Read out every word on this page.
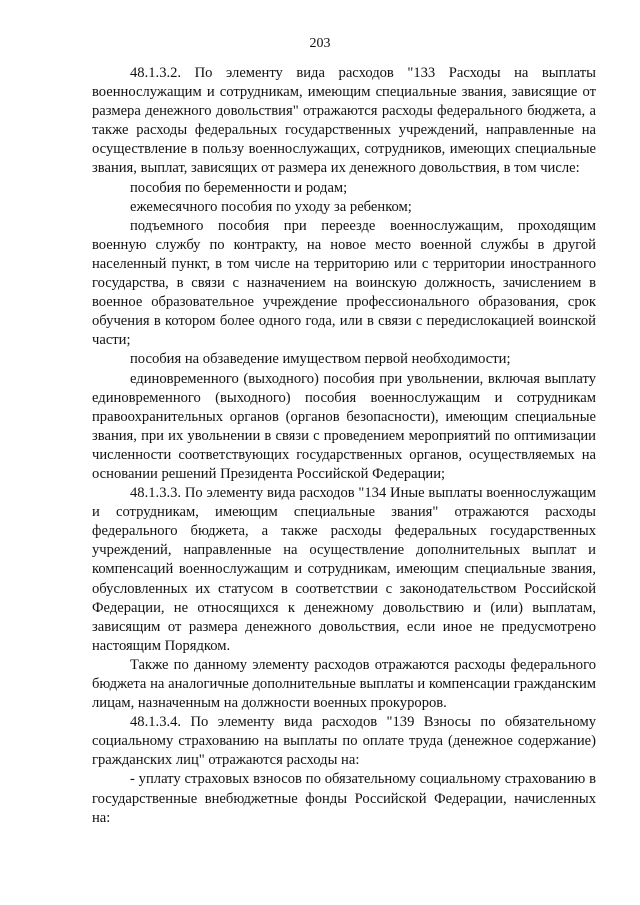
203

48.1.3.2. По элементу вида расходов "133 Расходы на выплаты военнослужащим и сотрудникам, имеющим специальные звания, зависящие от размера денежного довольствия" отражаются расходы федерального бюджета, а также расходы федеральных государственных учреждений, направленные на осуществление в пользу военнослужащих, сотрудников, имеющих специальные звания, выплат, зависящих от размера их денежного довольствия, в том числе:

пособия по беременности и родам;

ежемесячного пособия по уходу за ребенком;

подъемного пособия при переезде военнослужащим, проходящим военную службу по контракту, на новое место военной службы в другой населенный пункт, в том числе на территорию или с территории иностранного государства, в связи с назначением на воинскую должность, зачислением в военное образовательное учреждение профессионального образования, срок обучения в котором более одного года, или в связи с передислокацией воинской части;

пособия на обзаведение имуществом первой необходимости;

единовременного (выходного) пособия при увольнении, включая выплату единовременного (выходного) пособия военнослужащим и сотрудникам правоохранительных органов (органов безопасности), имеющим специальные звания, при их увольнении в связи с проведением мероприятий по оптимизации численности соответствующих государственных органов, осуществляемых на основании решений Президента Российской Федерации;

48.1.3.3. По элементу вида расходов "134 Иные выплаты военнослужащим и сотрудникам, имеющим специальные звания" отражаются расходы федерального бюджета, а также расходы федеральных государственных учреждений, направленные на осуществление дополнительных выплат и компенсаций военнослужащим и сотрудникам, имеющим специальные звания, обусловленных их статусом в соответствии с законодательством Российской Федерации, не относящихся к денежному довольствию и (или) выплатам, зависящим от размера денежного довольствия, если иное не предусмотрено настоящим Порядком.

Также по данному элементу расходов отражаются расходы федерального бюджета на аналогичные дополнительные выплаты и компенсации гражданским лицам, назначенным на должности военных прокуроров.

48.1.3.4. По элементу вида расходов "139 Взносы по обязательному социальному страхованию на выплаты по оплате труда (денежное содержание) гражданских лиц" отражаются расходы на:

- уплату страховых взносов по обязательному социальному страхованию в государственные внебюджетные фонды Российской Федерации, начисленных на:
